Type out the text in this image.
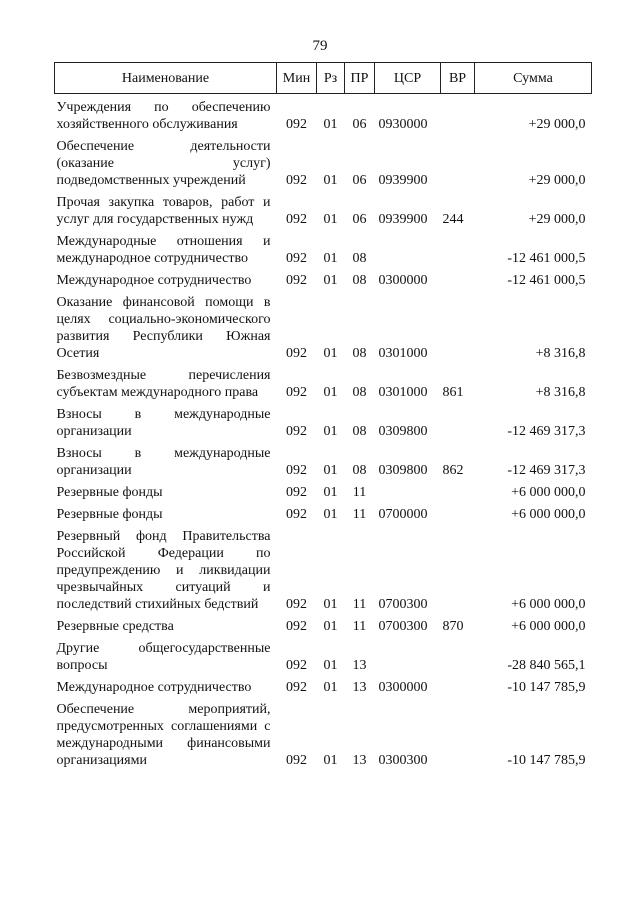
79
Наименование	Мин	Рз	ПР	ЦСР	ВР	Сумма
Учреждения по обеспечению хозяйственного обслуживания	092	01	06	0930000		+29 000,0
Обеспечение деятельности (оказание услуг) подведомственных учреждений	092	01	06	0939900		+29 000,0
Прочая закупка товаров, работ и услуг для государственных нужд	092	01	06	0939900	244	+29 000,0
Международные отношения и международное сотрудничество	092	01	08			-12 461 000,5
Международное сотрудничество	092	01	08	0300000		-12 461 000,5
Оказание финансовой помощи в целях социально-экономического развития Республики Южная Осетия	092	01	08	0301000		+8 316,8
Безвозмездные перечисления субъектам международного права	092	01	08	0301000	861	+8 316,8
Взносы в международные организации	092	01	08	0309800		-12 469 317,3
Взносы в международные организации	092	01	08	0309800	862	-12 469 317,3
Резервные фонды	092	01	11			+6 000 000,0
Резервные фонды	092	01	11	0700000		+6 000 000,0
Резервный фонд Правительства Российской Федерации по предупреждению и ликвидации чрезвычайных ситуаций и последствий стихийных бедствий	092	01	11	0700300		+6 000 000,0
Резервные средства	092	01	11	0700300	870	+6 000 000,0
Другие общегосударственные вопросы	092	01	13			-28 840 565,1
Международное сотрудничество	092	01	13	0300000		-10 147 785,9
Обеспечение мероприятий, предусмотренных соглашениями с международными финансовыми организациями	092	01	13	0300300		-10 147 785,9
